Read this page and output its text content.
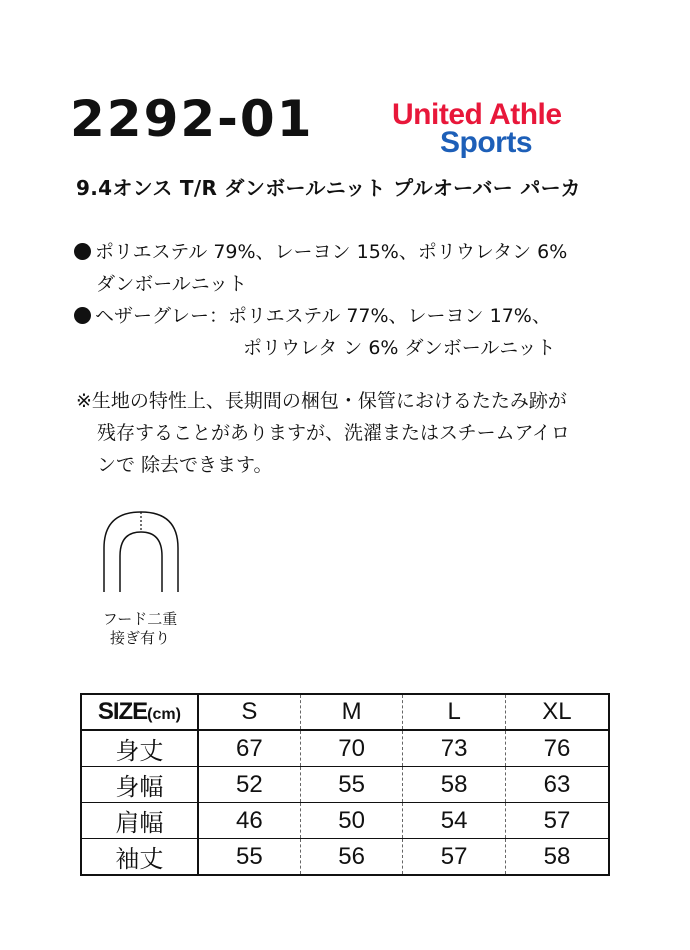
2292-01	United Athle
Sports
9.4オンス T/R ダンボールニット プルオーバー パーカ
ポリエステル 79%、レーヨン 15%、ポリウレタン 6%
ダンボールニット
ヘザーグレー：ポリエステル 77%、レーヨン 17%、
ポリウレタ ン 6% ダンボールニット
※生地の特性上、長期間の梱包・保管におけるたたみ跡が
残存することがありますが、洗濯またはスチームアイロ
ンで 除去できます。
フード二重
接ぎ有り
SIZE(cm)	S	M	L	XL
身丈	67	70	73	76
身幅	52	55	58	63
肩幅	46	50	54	57
袖丈	55	56	57	58
